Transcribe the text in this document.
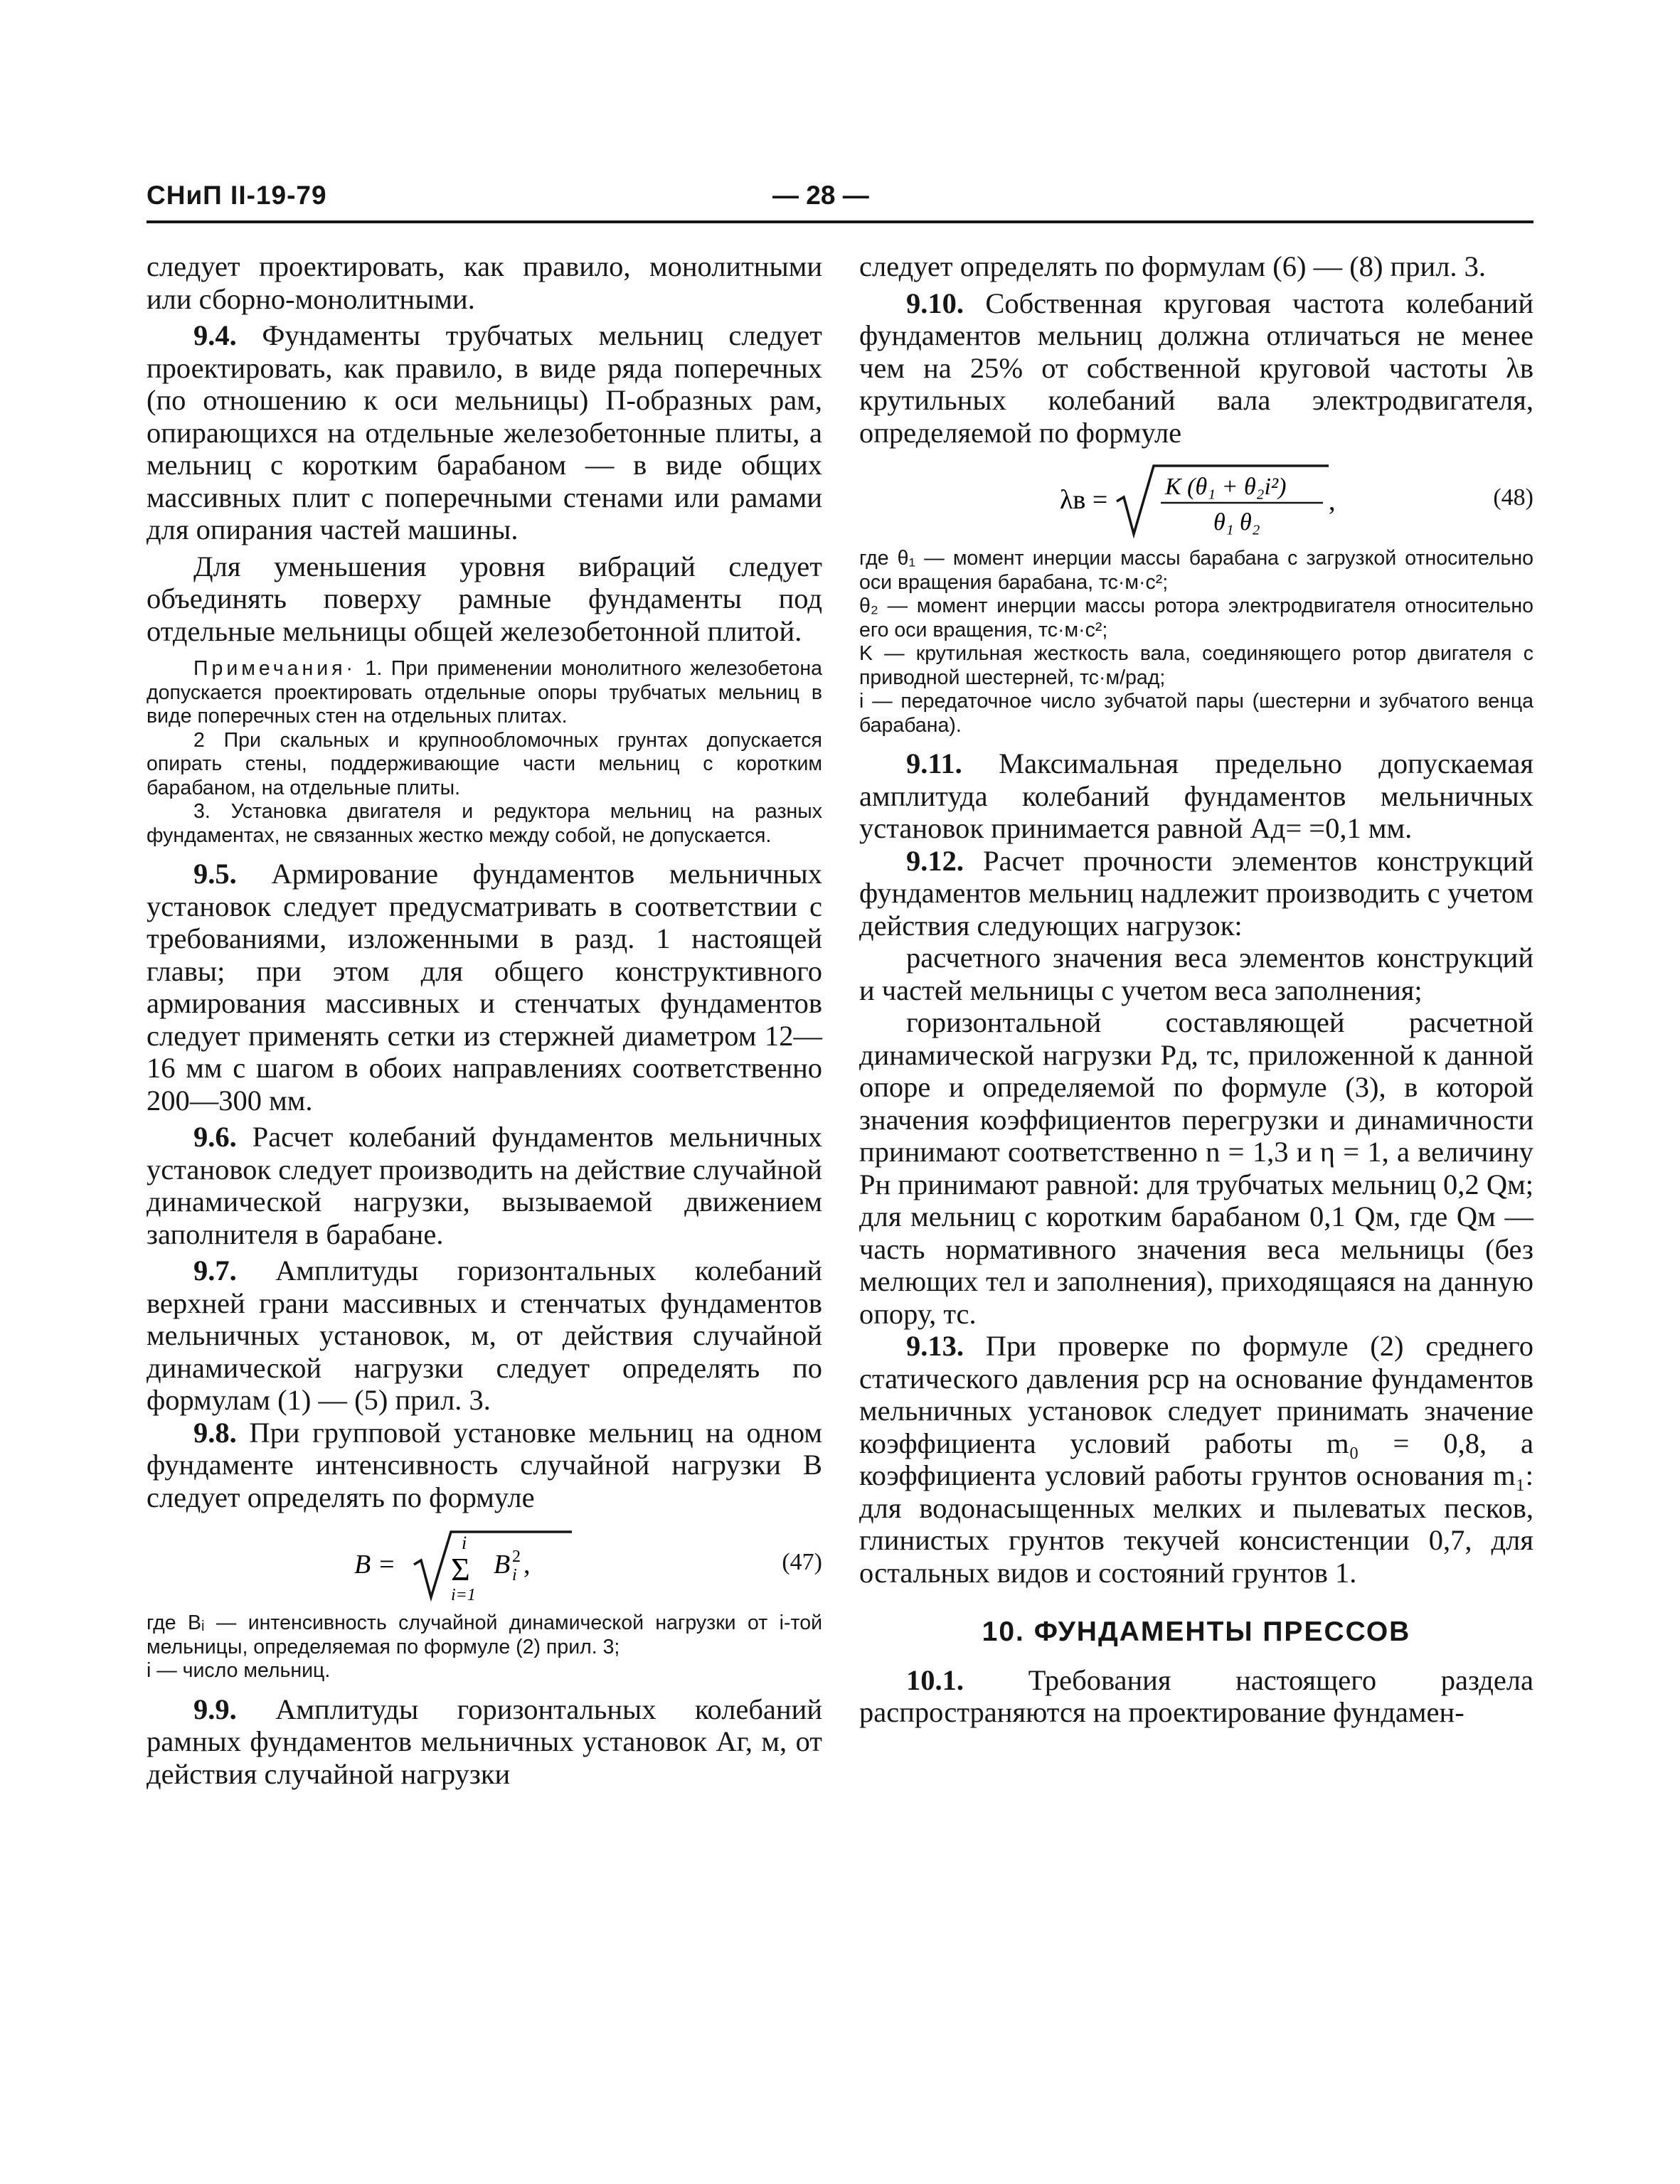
СНиП II-19-79	— 28 —

следует проектировать, как правило, монолитными или сборно-монолитными.

9.4. Фундаменты трубчатых мельниц следует проектировать, как правило, в виде ряда поперечных (по отношению к оси мельницы) П-образных рам, опирающихся на отдельные железобетонные плиты, а мельниц с коротким барабаном — в виде общих массивных плит с поперечными стенами или рамами для опирания частей машины.

Для уменьшения уровня вибраций следует объединять поверху рамные фундаменты под отдельные мельницы общей железобетонной плитой.

Примечания· 1. При применении монолитного железобетона допускается проектировать отдельные опоры трубчатых мельниц в виде поперечных стен на отдельных плитах.

2 При скальных и крупнообломочных грунтах допускается опирать стены, поддерживающие части мельниц с коротким барабаном, на отдельные плиты.

3. Установка двигателя и редуктора мельниц на разных фундаментах, не связанных жестко между собой, не допускается.

9.5. Армирование фундаментов мельничных установок следует предусматривать в соответствии с требованиями, изложенными в разд. 1 настоящей главы; при этом для общего конструктивного армирования массивных и стенчатых фундаментов следует применять сетки из стержней диаметром 12—16 мм с шагом в обоих направлениях соответственно 200—300 мм.

9.6. Расчет колебаний фундаментов мельничных установок следует производить на действие случайной динамической нагрузки, вызываемой движением заполнителя в барабане.

9.7. Амплитуды горизонтальных колебаний верхней грани массивных и стенчатых фундаментов мельничных установок, м, от действия случайной динамической нагрузки следует определять по формулам (1) — (5) прил. 3.

9.8. При групповой установке мельниц на одном фундаменте интенсивность случайной нагрузки B следует определять по формуле

B =
i
Σ
i=1
B 2
i ,	(47)

где Bᵢ — интенсивность случайной динамической нагрузки от i-той мельницы, определяемая по формуле (2) прил. 3;

i — число мельниц.

9.9. Амплитуды горизонтальных колебаний рамных фундаментов мельничных установок Aг, м, от действия случайной нагрузки

следует определять по формулам (6) — (8) прил. 3.

9.10. Собственная круговая частота колебаний фундаментов мельниц должна отличаться не менее чем на 25% от собственной круговой частоты λв крутильных колебаний вала электродвигателя, определяемой по формуле

λв = K (θ₁ + θ₂i²)
θ₁ θ₂
,	(48)

где θ₁ — момент инерции массы барабана с загрузкой относительно оси вращения барабана, тс·м·с²;

θ₂ — момент инерции массы ротора электродвигателя относительно его оси вращения, тс·м·с²;

K — крутильная жесткость вала, соединяющего ротор двигателя с приводной шестерней, тс·м/рад;

i — передаточное число зубчатой пары (шестерни и зубчатого венца барабана).

9.11. Максимальная предельно допускаемая амплитуда колебаний фундаментов мельничных установок принимается равной Aд= =0,1 мм.

9.12. Расчет прочности элементов конструкций фундаментов мельниц надлежит производить с учетом действия следующих нагрузок:

расчетного значения веса элементов конструкций и частей мельницы с учетом веса заполнения;

горизонтальной составляющей расчетной динамической нагрузки Pд, тс, приложенной к данной опоре и определяемой по формуле (3), в которой значения коэффициентов перегрузки и динамичности принимают соответственно n = 1,3 и η = 1, а величину Pн принимают равной: для трубчатых мельниц 0,2 Qм; для мельниц с коротким барабаном 0,1 Qм, где Qм — часть нормативного значения веса мельницы (без мелющих тел и заполнения), приходящаяся на данную опору, тс.

9.13. При проверке по формуле (2) среднего статического давления pср на основание фундаментов мельничных установок следует принимать значение коэффициента условий работы m₀ = 0,8, а коэффициента условий работы грунтов основания m₁: для водонасыщенных мелких и пылеватых песков, глинистых грунтов текучей консистенции 0,7, для остальных видов и состояний грунтов 1.

10. ФУНДАМЕНТЫ ПРЕССОВ

10.1. Требования настоящего раздела распространяются на проектирование фундамен-
